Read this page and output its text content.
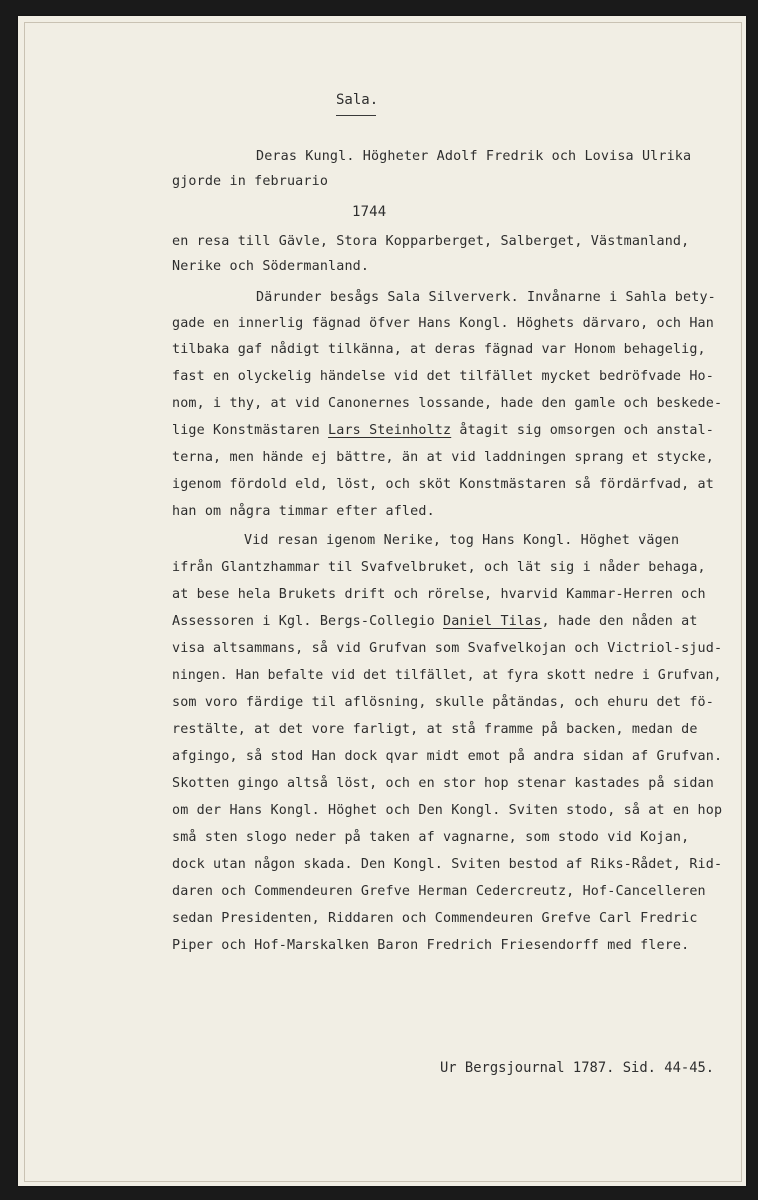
Sala.
Deras Kungl. Högheter Adolf Fredrik och Lovisa Ulrika
gjorde in februario
1744
en resa till Gävle, Stora Kopparberget, Salberget, Västmanland,
Nerike och Södermanland.
Därunder besågs Sala Silververk. Invånarne i Sahla bety-
gade en innerlig fägnad öfver Hans Kongl. Höghets därvaro, och Han
tilbaka gaf nådigt tilkänna, at deras fägnad var Honom behagelig,
fast en olyckelig händelse vid det tilfället mycket bedröfvade Ho-
nom, i thy, at vid Canonernes lossande, hade den gamle och beskede-
lige Konstmästaren Lars Steinholtz åtagit sig omsorgen och anstal-
terna, men hände ej bättre, än at vid laddningen sprang et stycke,
igenom fördold eld, löst, och sköt Konstmästaren så fördärfvad, at
han om några timmar efter afled.
Vid resan igenom Nerike, tog Hans Kongl. Höghet vägen
ifrån Glantzhammar til Svafvelbruket, och lät sig i nåder behaga,
at bese hela Brukets drift och rörelse, hvarvid Kammar-Herren och
Assessoren i Kgl. Bergs-Collegio Daniel Tilas, hade den nåden at
visa altsammans, så vid Grufvan som Svafvelkojan och Victriol-sjud-
ningen. Han befalte vid det tilfället, at fyra skott nedre i Grufvan,
som voro färdige til aflösning, skulle påtändas, och ehuru det fö-
restälte, at det vore farligt, at stå framme på backen, medan de
afgingo, så stod Han dock qvar midt emot på andra sidan af Grufvan.
Skotten gingo altså löst, och en stor hop stenar kastades på sidan
om der Hans Kongl. Höghet och Den Kongl. Sviten stodo, så at en hop
små sten slogo neder på taken af vagnarne, som stodo vid Kojan,
dock utan någon skada. Den Kongl. Sviten bestod af Riks-Rådet, Rid-
daren och Commendeuren Grefve Herman Cedercreutz, Hof-Cancelleren
sedan Presidenten, Riddaren och Commendeuren Grefve Carl Fredric
Piper och Hof-Marskalken Baron Fredrich Friesendorff med flere.
Ur Bergsjournal 1787. Sid. 44-45.
